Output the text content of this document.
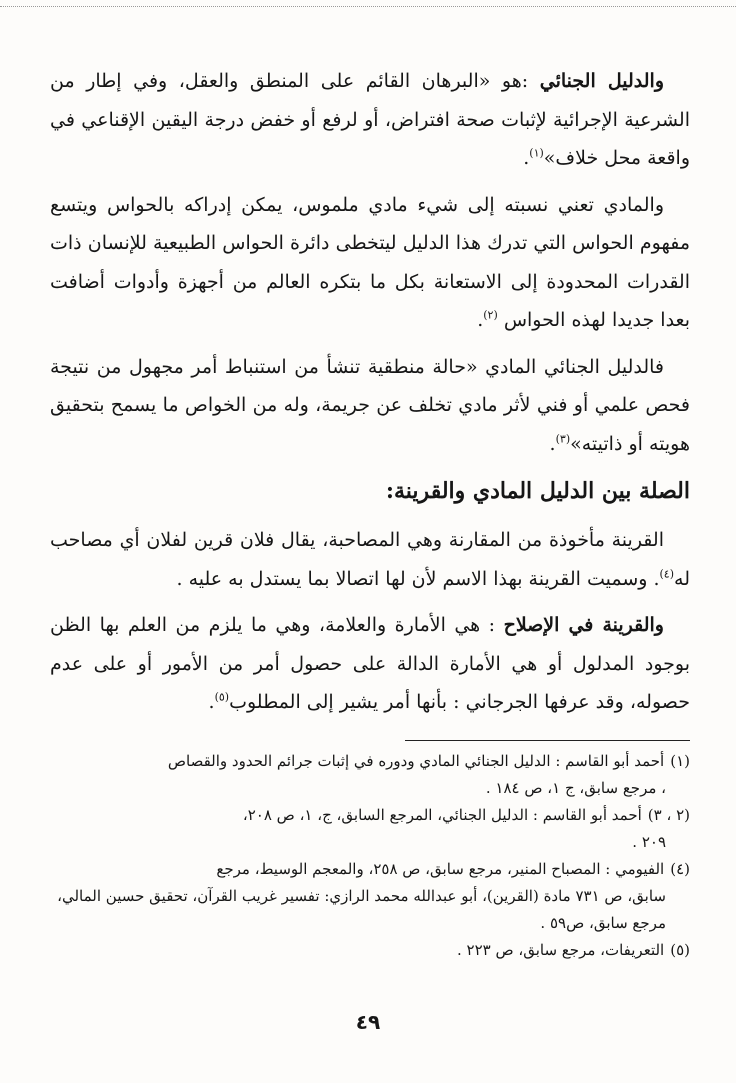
والدليل الجنائي :هو «البرهان القائم على المنطق والعقل، وفي إطار من الشرعية الإجرائية لإثبات صحة افتراض، أو لرفع أو خفض درجة اليقين الإقناعي في واقعة محل خلاف»$^{(١)}$.

والمادي تعني نسبته إلى شيء مادي ملموس، يمكن إدراكه بالحواس ويتسع مفهوم الحواس التي تدرك هذا الدليل ليتخطى دائرة الحواس الطبيعية للإنسان ذات القدرات المحدودة إلى الاستعانة بكل ما بتكره العالم من أجهزة وأدوات أضافت بعدا جديدا لهذه الحواس $^{(٢)}$.

فالدليل الجنائي المادي «حالة منطقية تنشأ من استنباط أمر مجهول من نتيجة فحص علمي أو فني لأثر مادي تخلف عن جريمة، وله من الخواص ما يسمح بتحقيق هويته أو ذاتيته»$^{(٣)}$.

الصلة بين الدليل المادي والقرينة:

القرينة مأخوذة من المقارنة وهي المصاحبة، يقال فلان قرين لفلان أي مصاحب له$^{(٤)}$. وسميت القرينة بهذا الاسم لأن لها اتصالا بما يستدل به عليه .

والقرينة في الإصلاح : هي الأمارة والعلامة، وهي ما يلزم من العلم بها الظن بوجود المدلول أو هي الأمارة الدالة على حصول أمر من الأمور أو على عدم حصوله، وقد عرفها الجرجاني : بأنها أمر يشير إلى المطلوب$^{(٥)}$.

(١)أحمد أبو القاسم : الدليل الجنائي المادي ودوره في إثبات جرائم الحدود والقصاص

، مرجع سابق، ج ١، ص ١٨٤ .

(٢ ، ٣)أحمد أبو القاسم : الدليل الجنائي، المرجع السابق، ج، ١، ص ٢٠٨،

٢٠٩ .

(٤)الفيومي : المصباح المنير، مرجع سابق، ص ٢٥٨، والمعجم الوسيط، مرجع

سابق، ص ٧٣١ مادة (القرين)، أبو عبدالله محمد الرازي: تفسير غريب القرآن، تحقيق حسين المالي، مرجع سابق، ص٥٩ .

(٥)التعريفات، مرجع سابق، ص ٢٢٣ .

٤٩
